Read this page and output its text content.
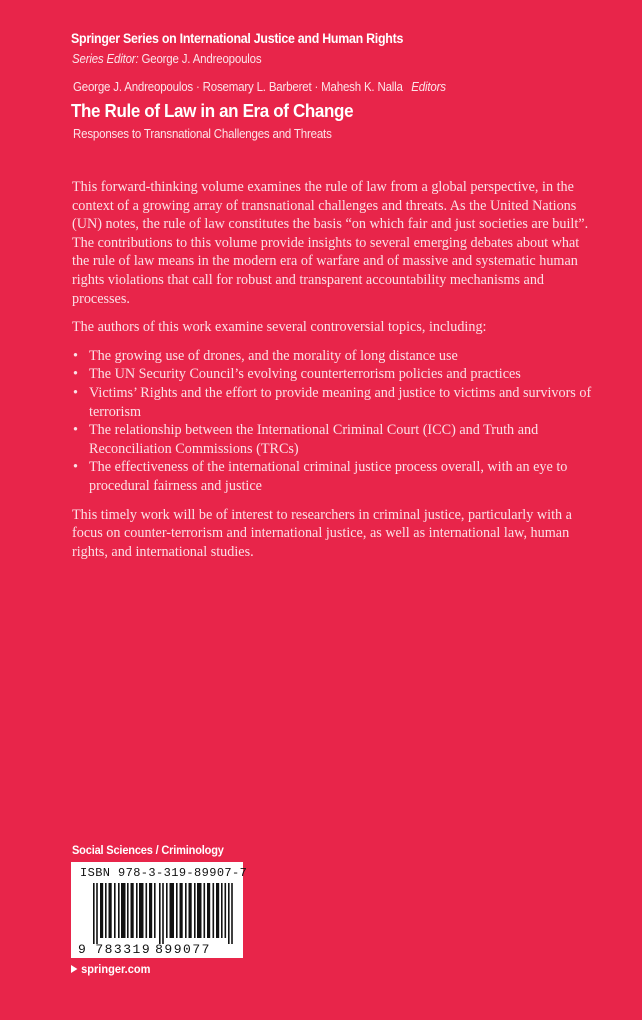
Springer Series on International Justice and Human Rights
Series Editor: George J. Andreopoulos
George J. Andreopoulos · Rosemary L. Barberet · Mahesh K. Nalla Editors
The Rule of Law in an Era of Change
Responses to Transnational Challenges and Threats

This forward-thinking volume examines the rule of law from a global perspective, in the context of a growing array of transnational challenges and threats. As the United Nations (UN) notes, the rule of law constitutes the basis “on which fair and just societies are built”. The contributions to this volume provide insights to several emerging debates about what the rule of law means in the modern era of warfare and of massive and systematic human rights violations that call for robust and transparent accountability mechanisms and processes.

The authors of this work examine several controversial topics, including:

• The growing use of drones, and the morality of long distance use
• The UN Security Council’s evolving counterterrorism policies and practices
• Victims’ Rights and the effort to provide meaning and justice to victims and survivors of terrorism
• The relationship between the International Criminal Court (ICC) and Truth and Reconciliation Commissions (TRCs)
• The effectiveness of the international criminal justice process overall, with an eye to procedural fairness and justice

This timely work will be of interest to researchers in criminal justice, particularly with a focus on counter-terrorism and international justice, as well as international law, human rights, and international studies.

Social Sciences / Criminology
ISBN 978-3-319-89907-7
9 783319 899077
springer.com
